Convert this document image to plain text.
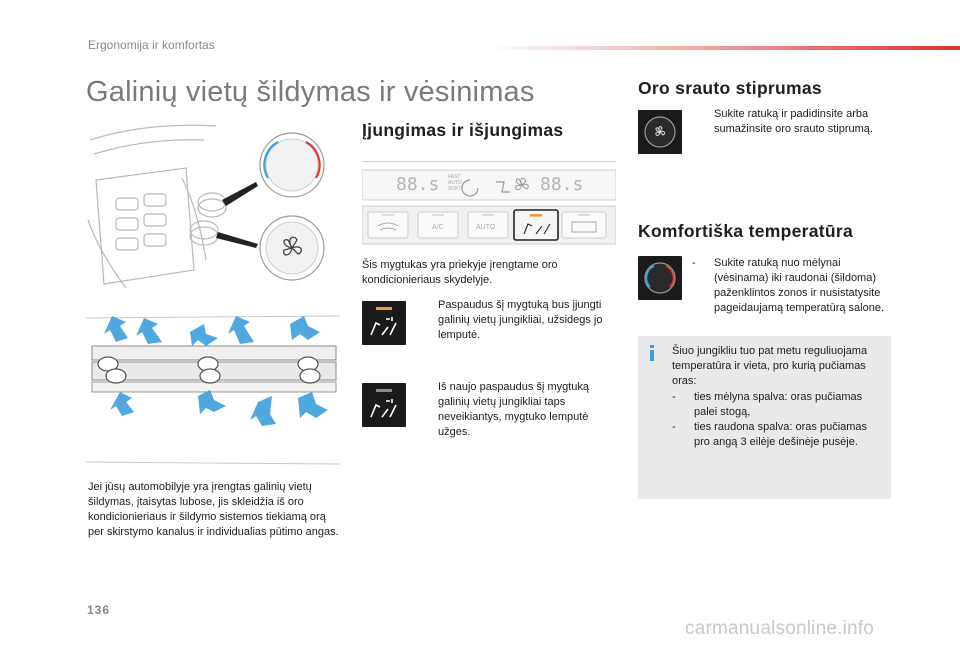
Ergonomija ir komfortas
Galinių vietų šildymas ir vėsinimas
Jei jūsų automobilyje yra įrengtas galinių vietų šildymas, įtaisytas lubose, jis skleidžia iš oro kondicionieriaus ir šildymo sistemos tiekiamą orą per skirstymo kanalus ir individualias pūtimo angas.
Įjungimas ir išjungimas
88.s	88.s
FAST
AUTO
SOFT
A/C	AUTO
Šis mygtukas yra priekyje įrengtame oro kondicionieriaus skydelyje.
Paspaudus šį mygtuką bus įjungti galinių vietų jungikliai, užsidegs jo lemputė.
Iš naujo paspaudus šį mygtuką galinių vietų jungikliai taps neveikiantys, mygtuko lemputė užges.
Oro srauto stiprumas
Sukite ratuką ir padidinsite arba sumažinsite oro srauto stiprumą.
Komfortiška temperatūra
- Sukite ratuką nuo mėlynai (vėsinama) iki raudonai (šildoma) paženklintos zonos ir nusistatysite pageidaujamą temperatūrą salone.
Šiuo jungikliu tuo pat metu reguliuojama temperatūra ir vieta, pro kurią pučiamas oras:
- ties mėlyna spalva: oras pučiamas palei stogą,
- ties raudona spalva: oras pučiamas pro angą 3 eilėje dešinėje pusėje.
136
carmanualsonline.info
